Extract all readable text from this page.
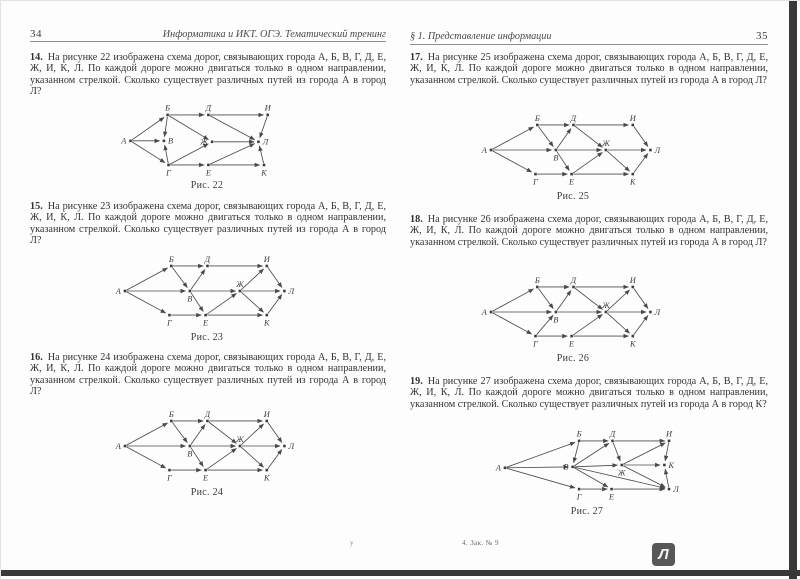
34	Информатика и ИКТ. ОГЭ. Тематический тренинг
14. На рисунке 22 изображена схема дорог, связывающих города А, Б, В, Г, Д, Е, Ж, И, К, Л. По каждой дороге можно двигаться только в одном направлении, указанном стрелкой. Сколько существует различных путей из города А в город Л?
А
Б	Д	И
В	Ж	Л
Г	Е	К
Рис. 22
15. На рисунке 23 изображена схема дорог, связывающих города А, Б, В, Г, Д, Е, Ж, И, К, Л. По каждой дороге можно двигаться только в одном направлении, указанном стрелкой. Сколько существует различных путей из города А в город Л?
А
Б	Д	И
В
Ж
Л
Г	Е	К
Рис. 23
16. На рисунке 24 изображена схема дорог, связывающих города А, Б, В, Г, Д, Е, Ж, И, К, Л. По каждой дороге можно двигаться только в одном направлении, указанном стрелкой. Сколько существует различных путей из города А в город Л?
А
Б	Д	И
В
Ж
Л
Г	Е	К
Рис. 24
§ 1. Представление информации	35
17. На рисунке 25 изображена схема дорог, связывающих города А, Б, В, Г, Д, Е, Ж, И, К, Л. По каждой дороге можно двигаться только в одном направлении, указанном стрелкой. Сколько существует различных путей из города А в город Л?
А
Б	Д	И
В
Ж
Л
Г	Е	К
Рис. 25
18. На рисунке 26 изображена схема дорог, связывающих города А, Б, В, Г, Д, Е, Ж, И, К, Л. По каждой дороге можно двигаться только в одном направлении, указанном стрелкой. Сколько существует различных путей из города А в город Л?
А
Б	Д	И
В
Ж
Л
Г	Е	К
Рис. 26
19. На рисунке 27 изображена схема дорог, связывающих города А, Б, В, Г, Д, Е, Ж, И, К, Л. По каждой дороге можно двигаться только в одном направлении, указанном стрелкой. Сколько существует различных путей из города А в город К?
А
Б	Д	И
В
Ж
К
Г	Е
Л
Рис. 27
у	4. Зак. № 9
Л
